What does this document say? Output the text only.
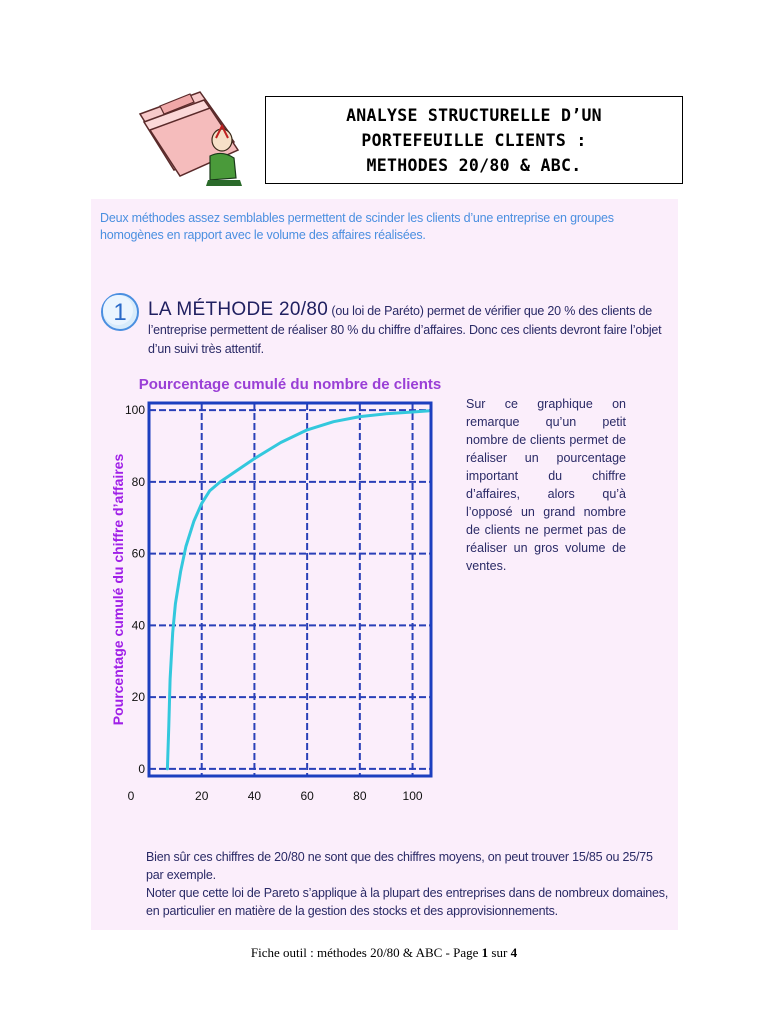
ANALYSE STRUCTURELLE D’UN
PORTEFEUILLE CLIENTS :
METHODES 20/80 & ABC.
Deux méthodes assez semblables permettent de scinder les clients d’une entreprise en groupes homogènes en rapport avec le volume des affaires réalisées.
1 LA MÉTHODE 20/80 (ou loi de Paréto) permet de vérifier que 20 % des clients de l’entreprise permettent de réaliser 80 % du chiffre d’affaires. Donc ces clients devront faire l’objet d’un suivi très attentif.
Pourcentage cumulé du nombre de clients
Pourcentage cumulé du chiffre d’affaires
0	20	40	60	80	100
0
20
40
60
80
100	Sur ce graphique on remarque qu’un petit nombre de clients permet de réaliser un pourcentage important du chiffre d’affaires, alors qu’à l’opposé un grand nombre de clients ne permet pas de réaliser un gros volume de ventes.

Bien sûr ces chiffres de 20/80 ne sont que des chiffres moyens, on peut trouver 15/85 ou 25/75 par exemple.

Noter que cette loi de Pareto s’applique à la plupart des entreprises dans de nombreux domaines, en particulier en matière de la gestion des stocks et des approvisionnements.

Fiche outil : méthodes 20/80 & ABC - Page 1 sur 4
